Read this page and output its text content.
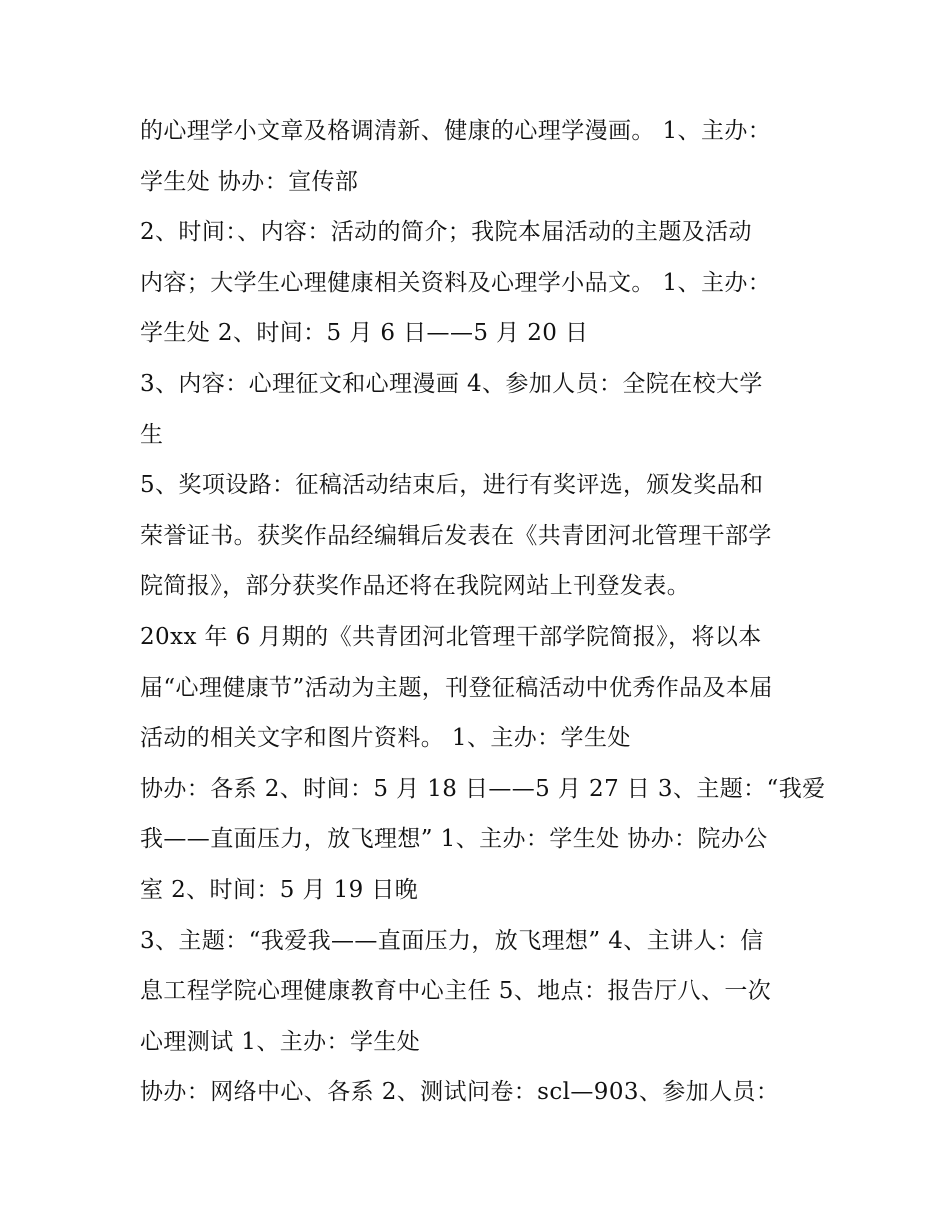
的心理学小文章及格调清新、健康的心理学漫画。 1、主办：
学生处 协办：宣传部
2、时间：、内容：活动的简介；我院本届活动的主题及活动
内容；大学生心理健康相关资料及心理学小品文。 1、主办：
学生处 2、时间：5 月 6 日——5 月 20 日
3、内容：心理征文和心理漫画 4、参加人员：全院在校大学
生
5、奖项设路：征稿活动结束后，进行有奖评选，颁发奖品和
荣誉证书。获奖作品经编辑后发表在《共青团河北管理干部学
院简报》，部分获奖作品还将在我院网站上刊登发表。
20xx 年 6 月期的《共青团河北管理干部学院简报》，将以本
届“心理健康节”活动为主题，刊登征稿活动中优秀作品及本届
活动的相关文字和图片资料。 1、主办：学生处
协办：各系 2、时间：5 月 18 日——5 月 27 日 3、主题：“我爱
我——直面压力，放飞理想” 1、主办：学生处 协办：院办公
室 2、时间：5 月 19 日晚
3、主题：“我爱我——直面压力，放飞理想” 4、主讲人：信
息工程学院心理健康教育中心主任 5、地点：报告厅八、一次
心理测试 1、主办：学生处
协办：网络中心、各系 2、测试问卷：scl—903、参加人员：
